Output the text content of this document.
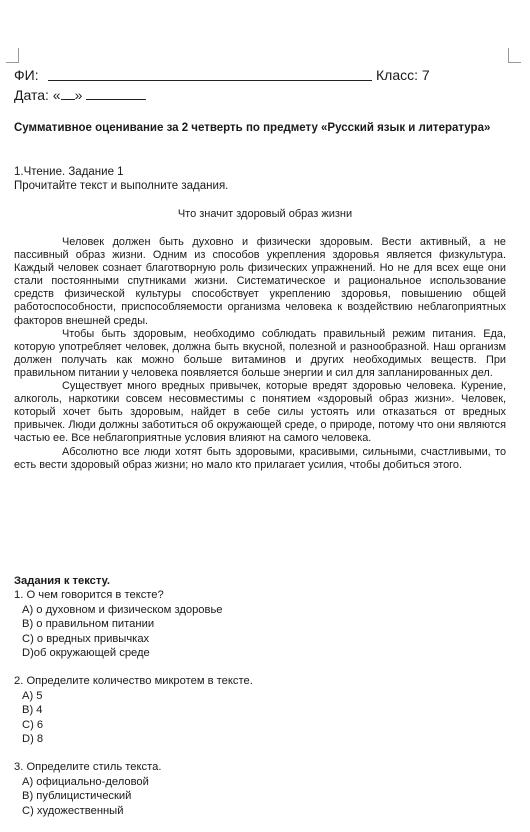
ФИ:	Класс: 7
Дата: « »
Суммативное оценивание за 2 четверть по предмету «Русский язык и литература»
1.Чтение. Задание 1
Прочитайте текст и выполните задания.
Что значит здоровый образ жизни

Человек должен быть духовно и физически здоровым. Вести активный, а не пассивный образ жизни. Одним из способов укрепления здоровья является физкультура. Каждый человек сознает благотворную роль физических упражнений. Но не для всех еще они стали постоянными спутниками жизни. Систематическое и рациональное использование средств физической культуры способствует укреплению здоровья, повышению общей работоспособности, приспособляемости организма человека к воздействию неблагоприятных факторов внешней среды.

Чтобы быть здоровым, необходимо соблюдать правильный режим питания. Еда, которую употребляет человек, должна быть вкусной, полезной и разнообразной. Наш организм должен получать как можно больше витаминов и других необходимых веществ. При правильном питании у человека появляется больше энергии и сил для запланированных дел.

Существует много вредных привычек, которые вредят здоровью человека. Курение, алкоголь, наркотики совсем несовместимы с понятием «здоровый образ жизни». Человек, который хочет быть здоровым, найдет в себе силы устоять или отказаться от вредных привычек. Люди должны заботиться об окружающей среде, о природе, потому что они являются частью ее. Все неблагоприятные условия влияют на самого человека.

Абсолютно все люди хотят быть здоровыми, красивыми, сильными, счастливыми, то есть вести здоровый образ жизни; но мало кто прилагает усилия, чтобы добиться этого.

Задания к тексту.

1. О чем говорится в тексте?

А) о духовном и физическом здоровье

В) о правильном питании

С) о вредных привычках

D)об окружающей среде

2. Определите количество микротем в тексте.

А) 5

В) 4

С) 6

D) 8

3. Определите стиль текста.

А) официально-деловой

В) публицистический

С) художественный
